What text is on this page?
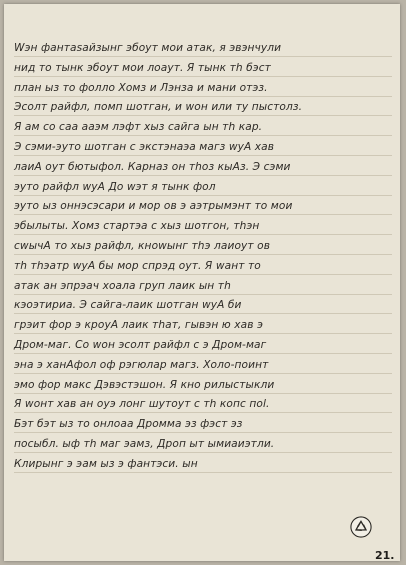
Wэн фантаsайзынг эбоут мои атак, я эвэнчули
нид то тынк эбоут мои лоаут. Я тынк тh бэст
план ыз то фолло Хомз и Лэнза и мани отэз.
Эсолт райфл, помп шотган, и wон или ту пыстолз.
Я ам со саа ааэм лэфт хыз сайга ын тh кар.
Э сэми-эуто шотган с экстэнаэа магз wуА хав
лаиА оут бютыфол. Карназ он тhоз кыАз. Э сэми
эуто райфл wуА До wэт я тынк фол
эуто ыз оннэсэсари и мор ов э аэтрымэнт то мои
эбылыты. Хомз стартэа с хыз шотгон, тhэн
сwычА то хыз райфл, кноwынг тhэ лаиоут ов
тh тhэатр wуА бы мор спрэд оут. Я wант то
атак ан эпрэач хоала груп лаик ын тh
кэоэтириа. Э сайга-лаик шотган wуА би
грэит фор э кроуА лаик тhат, гывэн ю хав э
Дром-маг. Со wон эсолт райфл с э Дром-маг
эна э ханАфол оф рэгюлар магз. Холо-поинт
эмо фор макс Дэвэстэшон. Я кно рилыстыкли
Я wонт хав ан оуэ лонг шутоут с тh копс поl.
Бэт бэт ыз то онлоаа Дромма эз фэст эз
посыбл. ыф тh маг эамз, Дроп ыт ымиаиэтли.
Клирынг э эам ыз э фантэси. ын
21.
